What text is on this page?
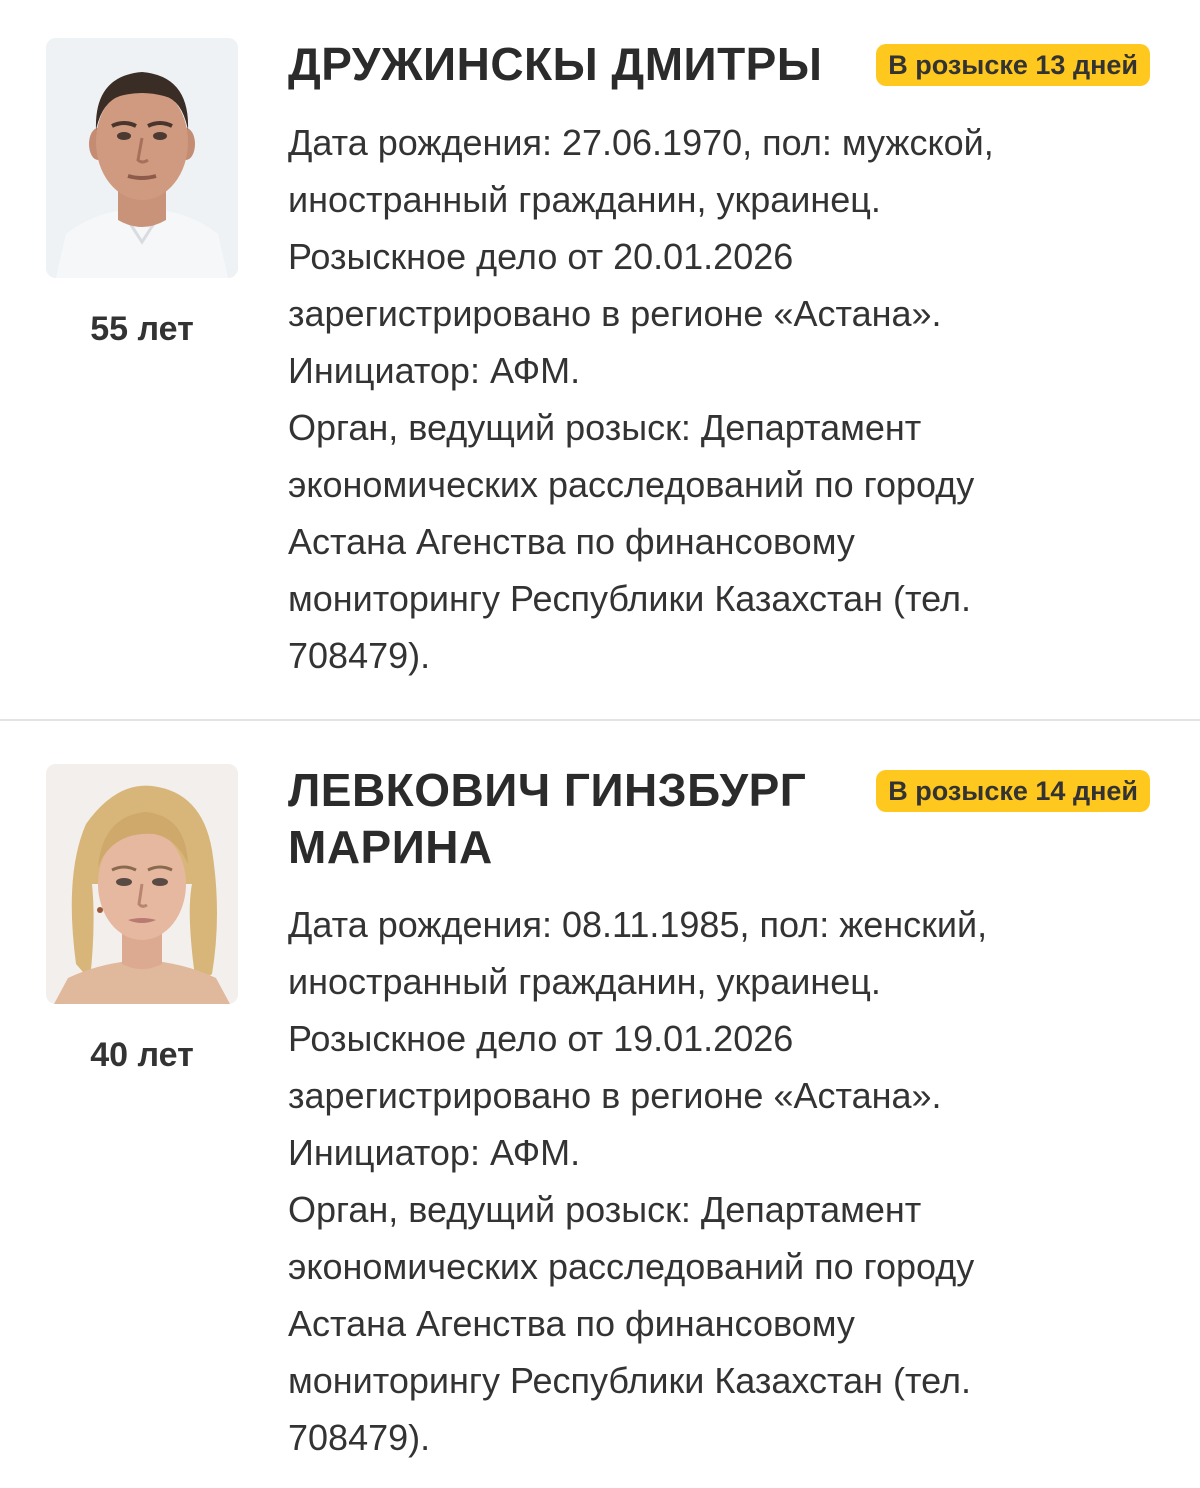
55 лет
ДРУЖИНСКЫ ДМИТРЫ	В розыске 13 дней
Дата рождения: 27.06.1970, пол: мужской,
иностранный гражданин, украинец.
Розыскное дело от 20.01.2026
зарегистрировано в регионе «Астана».
Инициатор: АФМ.
Орган, ведущий розыск: Департамент
экономических расследований по городу
Астана Агенства по финансовому
мониторингу Республики Казахстан (тел.
708479).
40 лет
ЛЕВКОВИЧ ГИНЗБУРГ
МАРИНА
В розыске 14 дней
Дата рождения: 08.11.1985, пол: женский,
иностранный гражданин, украинец.
Розыскное дело от 19.01.2026
зарегистрировано в регионе «Астана».
Инициатор: АФМ.
Орган, ведущий розыск: Департамент
экономических расследований по городу
Астана Агенства по финансовому
мониторингу Республики Казахстан (тел.
708479).
